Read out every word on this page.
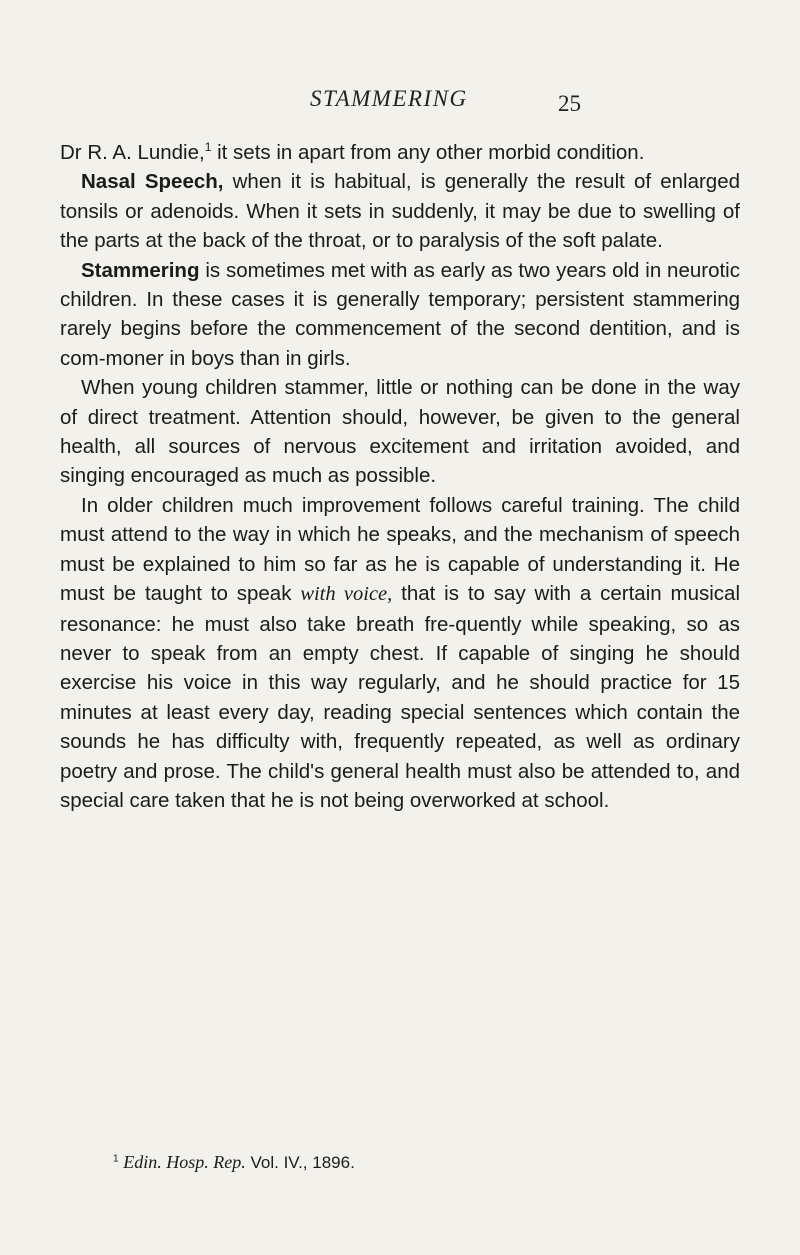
STAMMERING	25

Dr R. A. Lundie,$^1$ it sets in apart from any other morbid condition.

Nasal Speech, when it is habitual, is generally the result of enlarged tonsils or adenoids. When it sets in suddenly, it may be due to swelling of the parts at the back of the throat, or to paralysis of the soft palate.

Stammering is sometimes met with as early as two years old in neurotic children. In these cases it is generally temporary; persistent stammering rarely begins before the commencement of the second dentition, and is com-moner in boys than in girls.

When young children stammer, little or nothing can be done in the way of direct treatment. Attention should, however, be given to the general health, all sources of nervous excitement and irritation avoided, and singing encouraged as much as possible.

In older children much improvement follows careful training. The child must attend to the way in which he speaks, and the mechanism of speech must be explained to him so far as he is capable of understanding it. He must be taught to speak with voice, that is to say with a certain musical resonance: he must also take breath fre-quently while speaking, so as never to speak from an empty chest. If capable of singing he should exercise his voice in this way regularly, and he should practice for 15 minutes at least every day, reading special sentences which contain the sounds he has difficulty with, frequently repeated, as well as ordinary poetry and prose. The child's general health must also be attended to, and special care taken that he is not being overworked at school.

$^1$ Edin. Hosp. Rep. Vol. IV., 1896.
